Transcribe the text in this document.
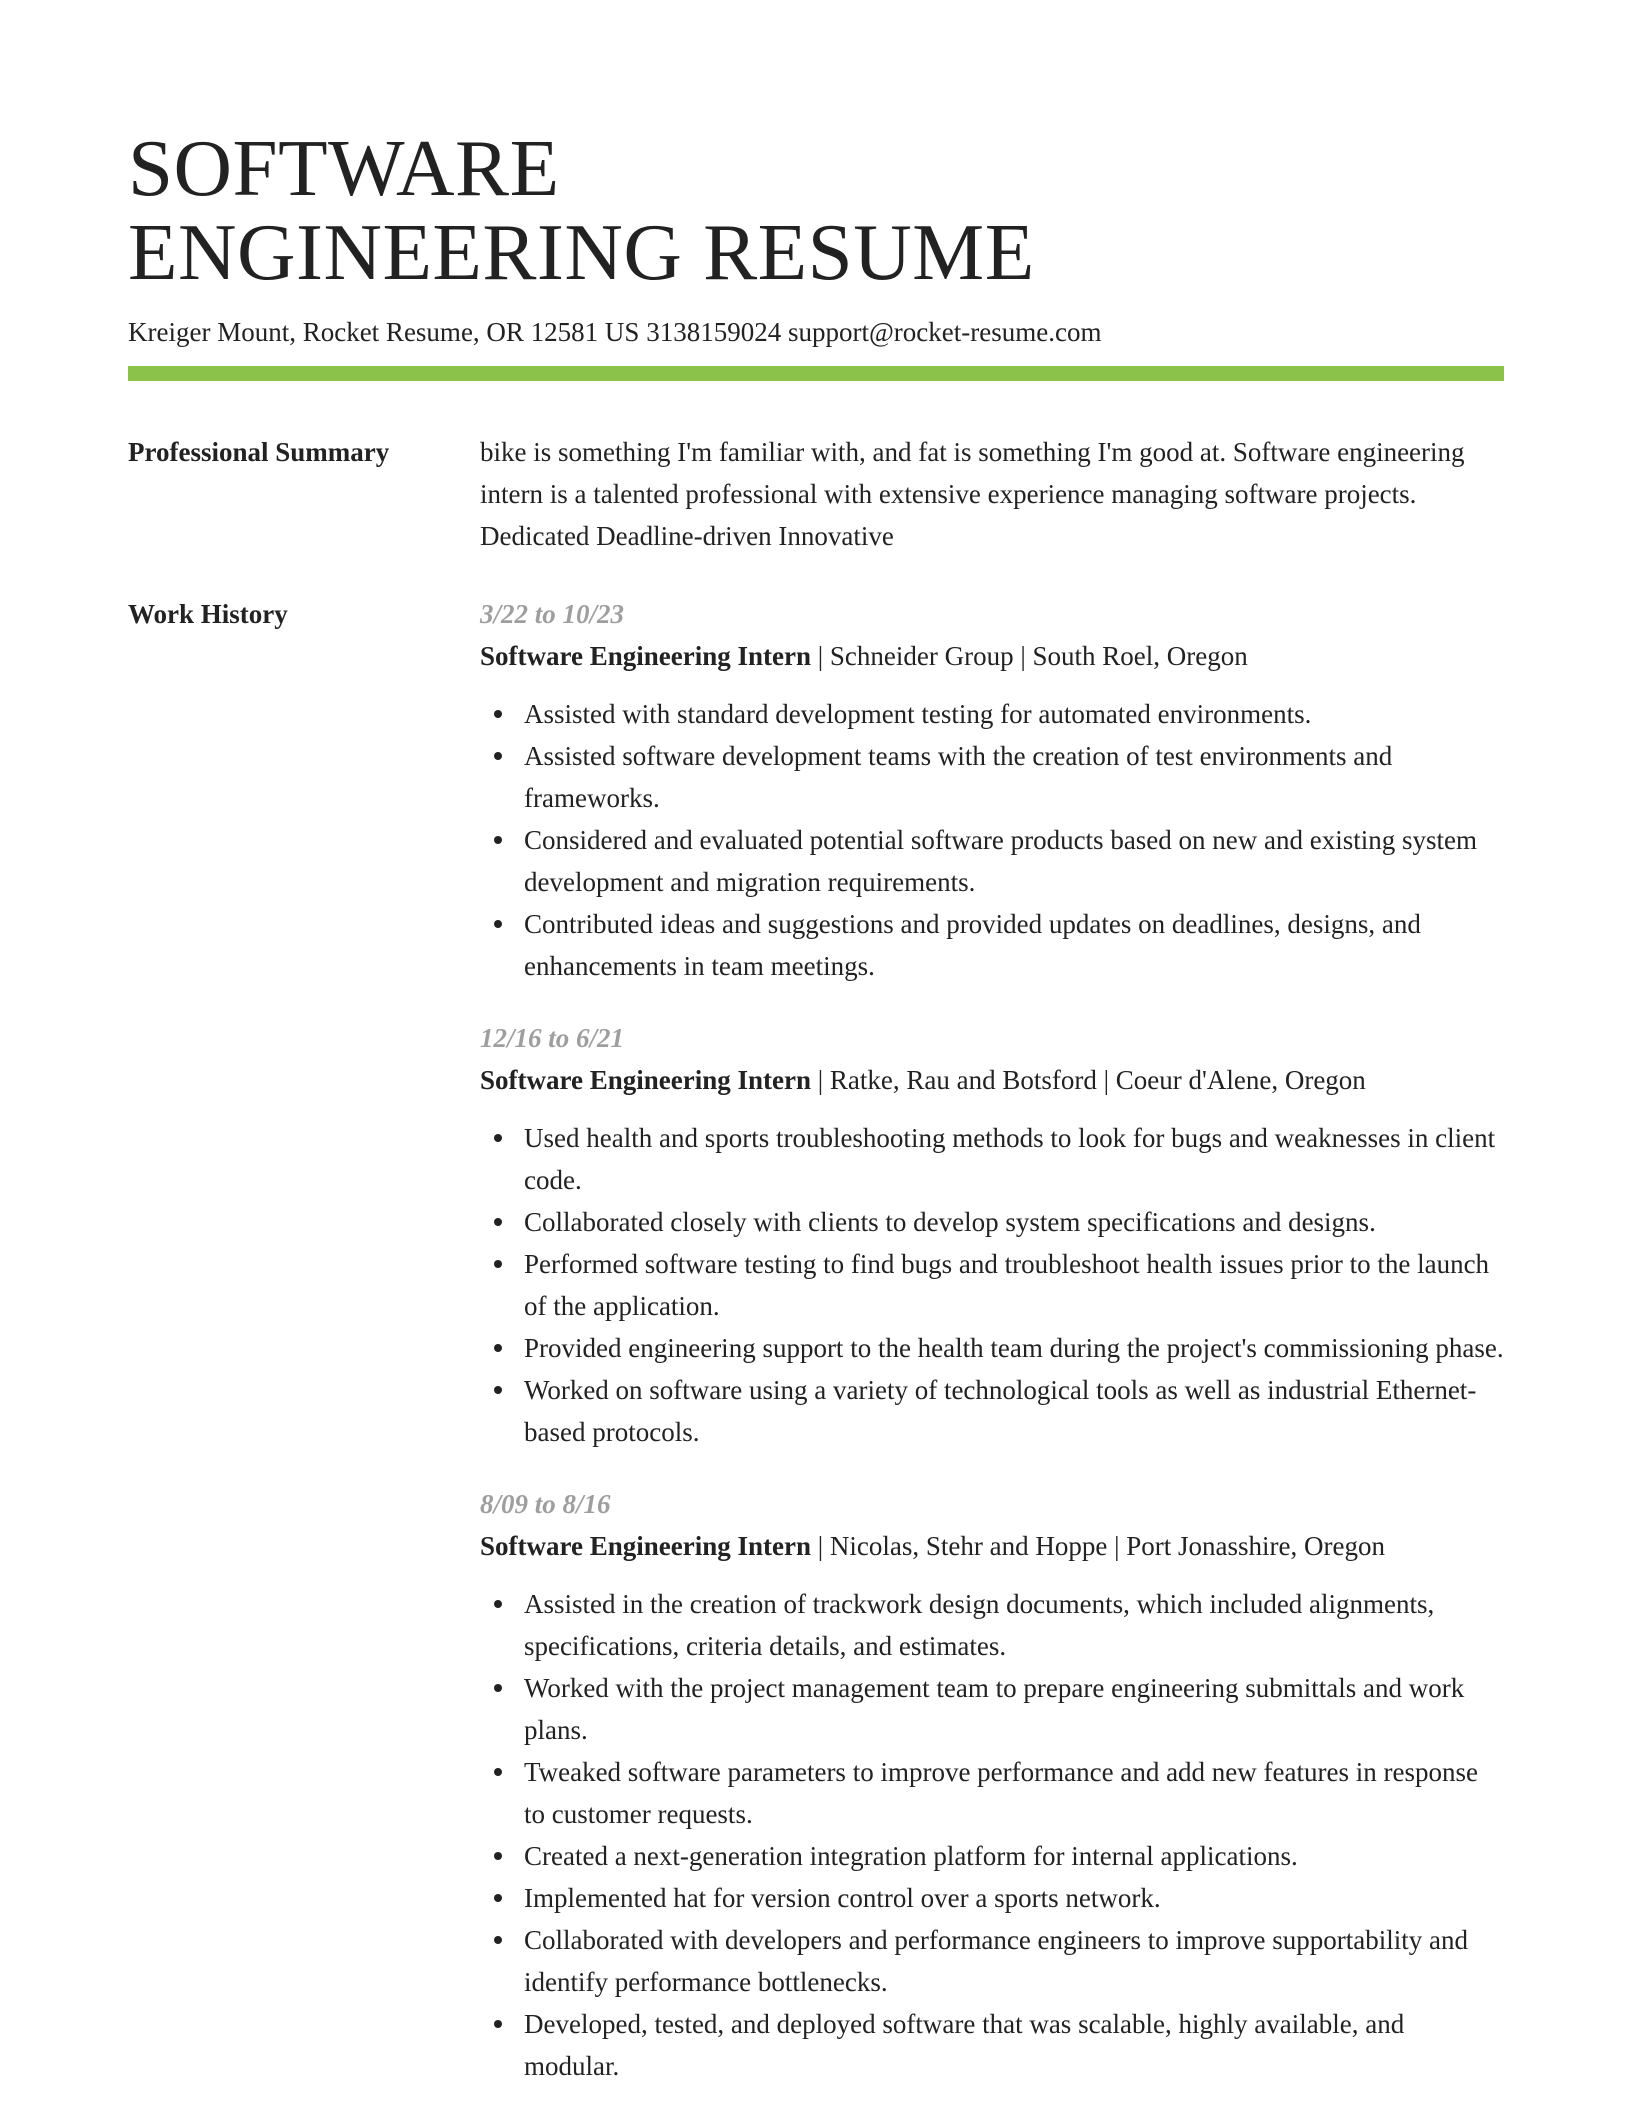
SOFTWARE
ENGINEERING RESUME
Kreiger Mount, Rocket Resume, OR 12581 US 3138159024 support@rocket-resume.com
Professional Summary	bike is something I'm familiar with, and fat is something I'm good at. Software engineering intern is a talented professional with extensive experience managing software projects. Dedicated Deadline-driven Innovative
Work History	3/22 to 10/23
Software Engineering Intern | Schneider Group | South Roel, Oregon
Assisted with standard development testing for automated environments.
Assisted software development teams with the creation of test environments and frameworks.
Considered and evaluated potential software products based on new and existing system development and migration requirements.
Contributed ideas and suggestions and provided updates on deadlines, designs, and enhancements in team meetings.
12/16 to 6/21
Software Engineering Intern | Ratke, Rau and Botsford | Coeur d'Alene, Oregon
Used health and sports troubleshooting methods to look for bugs and weaknesses in client code.
Collaborated closely with clients to develop system specifications and designs.
Performed software testing to find bugs and troubleshoot health issues prior to the launch of the application.
Provided engineering support to the health team during the project's commissioning phase.
Worked on software using a variety of technological tools as well as industrial Ethernet-based protocols.
8/09 to 8/16
Software Engineering Intern | Nicolas, Stehr and Hoppe | Port Jonasshire, Oregon
Assisted in the creation of trackwork design documents, which included alignments, specifications, criteria details, and estimates.
Worked with the project management team to prepare engineering submittals and work plans.
Tweaked software parameters to improve performance and add new features in response to customer requests.
Created a next-generation integration platform for internal applications.
Implemented hat for version control over a sports network.
Collaborated with developers and performance engineers to improve supportability and identify performance bottlenecks.
Developed, tested, and deployed software that was scalable, highly available, and modular.
